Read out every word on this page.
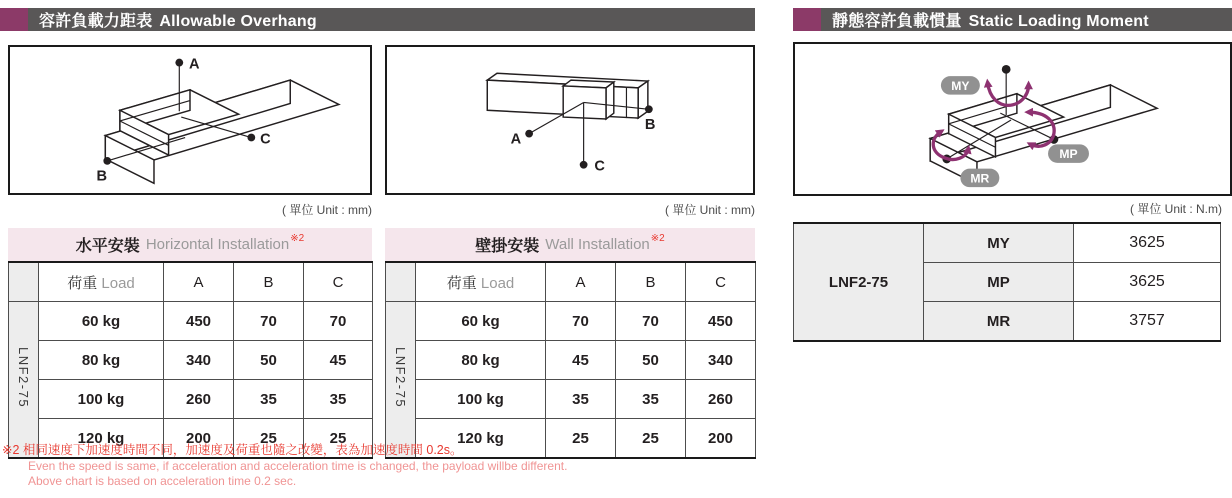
容許負載力距表 Allowable Overhang	靜態容許負載慣量 Static Loading Moment
A
C
B
A
C
B
MY
MP
MR
( 單位 Unit : mm)	( 單位 Unit : mm)	( 單位 Unit : N.m)
水平安裝 Horizontal Installation ※2
	荷重 Load	A	B	C
LNF2-75	60 kg	450	70	70
	80 kg	340	50	45
	100 kg	260	35	35
	120 kg	200	25	25
壁掛安裝 Wall Installation ※2
	荷重 Load	A	B	C
LNF2-75	60 kg	70	70	450
	80 kg	45	50	340
	100 kg	35	35	260
	120 kg	25	25	200
LNF2-75	MY	3625
	MP	3625
	MR	3757
※2 相同速度下加速度時間不同，加速度及荷重也隨之改變，表為加速度時間 0.2s。
Even the speed is same, if acceleration and acceleration time is changed, the payload willbe different.
Above chart is based on acceleration time 0.2 sec.
